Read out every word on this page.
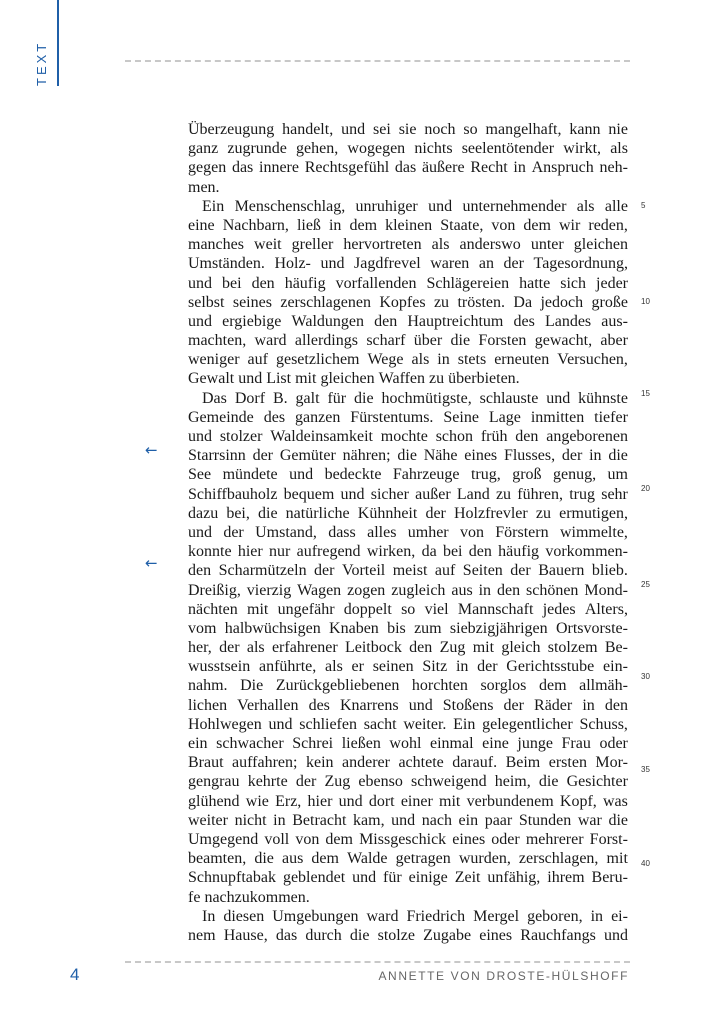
TEXT
Überzeugung handelt, und sei sie noch so mangelhaft, kann nie
ganz zugrunde gehen, wogegen nichts seelentötender wirkt, als
gegen das innere Rechtsgefühl das äußere Recht in Anspruch neh-
men.
Ein Menschenschlag, unruhiger und unternehmender als alle
eine Nachbarn, ließ in dem kleinen Staate, von dem wir reden,
manches weit greller hervortreten als anderswo unter gleichen
Umständen. Holz- und Jagdfrevel waren an der Tagesordnung,
und bei den häufig vorfallenden Schlägereien hatte sich jeder
selbst seines zerschlagenen Kopfes zu trösten. Da jedoch große
und ergiebige Waldungen den Hauptreichtum des Landes aus-
machten, ward allerdings scharf über die Forsten gewacht, aber
weniger auf gesetzlichem Wege als in stets erneuten Versuchen,
Gewalt und List mit gleichen Waffen zu überbieten.
Das Dorf B. galt für die hochmütigste, schlauste und kühnste
Gemeinde des ganzen Fürstentums. Seine Lage inmitten tiefer
und stolzer Waldeinsamkeit mochte schon früh den angeborenen
Starrsinn der Gemüter nähren; die Nähe eines Flusses, der in die
See mündete und bedeckte Fahrzeuge trug, groß genug, um
Schiffbauholz bequem und sicher außer Land zu führen, trug sehr
dazu bei, die natürliche Kühnheit der Holzfrevler zu ermutigen,
und der Umstand, dass alles umher von Förstern wimmelte,
konnte hier nur aufregend wirken, da bei den häufig vorkommen-
den Scharmützeln der Vorteil meist auf Seiten der Bauern blieb.
Dreißig, vierzig Wagen zogen zugleich aus in den schönen Mond-
nächten mit ungefähr doppelt so viel Mannschaft jedes Alters,
vom halbwüchsigen Knaben bis zum siebzigjährigen Ortsvorste-
her, der als erfahrener Leitbock den Zug mit gleich stolzem Be-
wusstsein anführte, als er seinen Sitz in der Gerichtsstube ein-
nahm. Die Zurückgebliebenen horchten sorglos dem allmäh-
lichen Verhallen des Knarrens und Stoßens der Räder in den
Hohlwegen und schliefen sacht weiter. Ein gelegentlicher Schuss,
ein schwacher Schrei ließen wohl einmal eine junge Frau oder
Braut auffahren; kein anderer achtete darauf. Beim ersten Mor-
gengrau kehrte der Zug ebenso schweigend heim, die Gesichter
glühend wie Erz, hier und dort einer mit verbundenem Kopf, was
weiter nicht in Betracht kam, und nach ein paar Stunden war die
Umgegend voll von dem Missgeschick eines oder mehrerer Forst-
beamten, die aus dem Walde getragen wurden, zerschlagen, mit
Schnupftabak geblendet und für einige Zeit unfähig, ihrem Beru-
fe nachzukommen.
In diesen Umgebungen ward Friedrich Mergel geboren, in ei-
nem Hause, das durch die stolze Zugabe eines Rauchfangs und
5
10
15
20
25
30
35
40
←
←
4	ANNETTE VON DROSTE-HÜLSHOFF
